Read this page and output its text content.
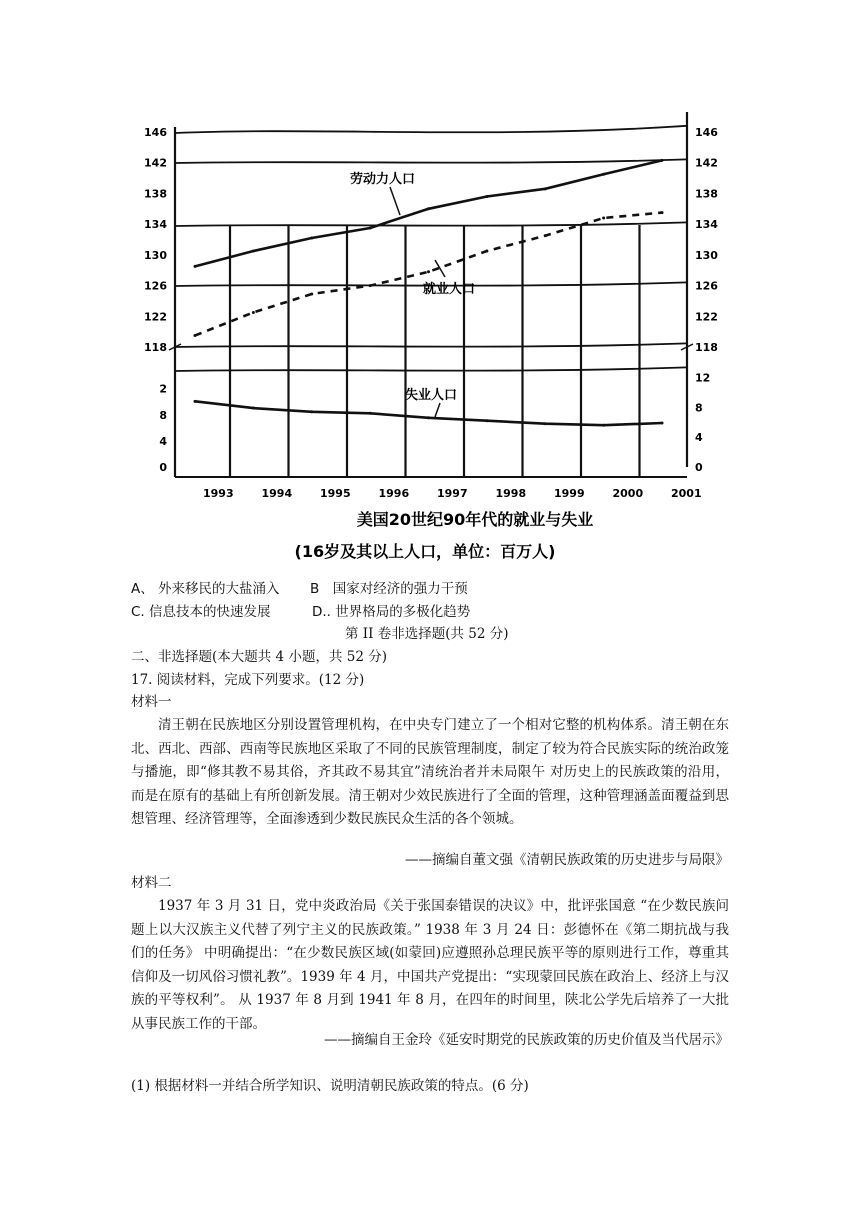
1993	1994	1995	1996	1997	1998	1999	2000	2001
146
142
138
134
130
126
122
118
146
142
138
134
130
126
122
118
2
8
4
0
12
8
4
0
劳动力人口
就业人口
失业人口
美国20世纪90年代的就业与失业
(16岁及其以上人口，单位：百万人)
A、 外来移民的大盐涌入 B　国家对经济的强力干预
C. 信息技本的快速发展	D.. 世界格局的多极化趋势
第 II 卷非选择题(共 52 分)
二、非选择题(本大题共 4 小题，共 52 分)
17. 阅读材料，完成下列要求。(12 分)
材料一

清王朝在民族地区分别设置管理机构，在中央专门建立了一个相对它整的机构体系。清王朝在东北、西北、西部、西南等民族地区采取了不同的民族管理制度，制定了较为符合民族实际的统治政笼与播施，即“修其教不易其俗，齐其政不易其宜”清统治者并未局限午 对历史上的民族政策的沿用，而是在原有的基础上有所创新发展。清王朝对少效民族进行了全面的管理，这种管理涵盖面覆益到思想管理、经济管理等，全面渗透到少数民族民众生活的各个领城。

——摘编自董文强《清朝民族政策的历史进步与局限》
材料二

1937 年 3 月 31 日，党中炎政治局《关于张国泰错误的决议》中，批评张国意 “在少数民族问题上以大汉族主义代替了列宁主义的民族政策。” 1938 年 3 月 24 日：彭德怀在《第二期抗战与我们的任务》 中明确提出：“在少数民族区域(如蒙回)应遵照孙总理民族平等的原则进行工作，尊重其信仰及一切风俗习惯礼教”。1939 年 4 月，中国共产党提出：“实现蒙回民族在政治上、经济上与汉族的平等权利”。 从 1937 年 8 月到 1941 年 8 月，在四年的时间里，陕北公学先后培养了一大批从事民族工作的干部。

——摘编自王金玲《延安时期党的民族政策的历史价值及当代居示》
(1) 根据材料一并结合所学知识、说明清朝民族政策的特点。(6 分)
